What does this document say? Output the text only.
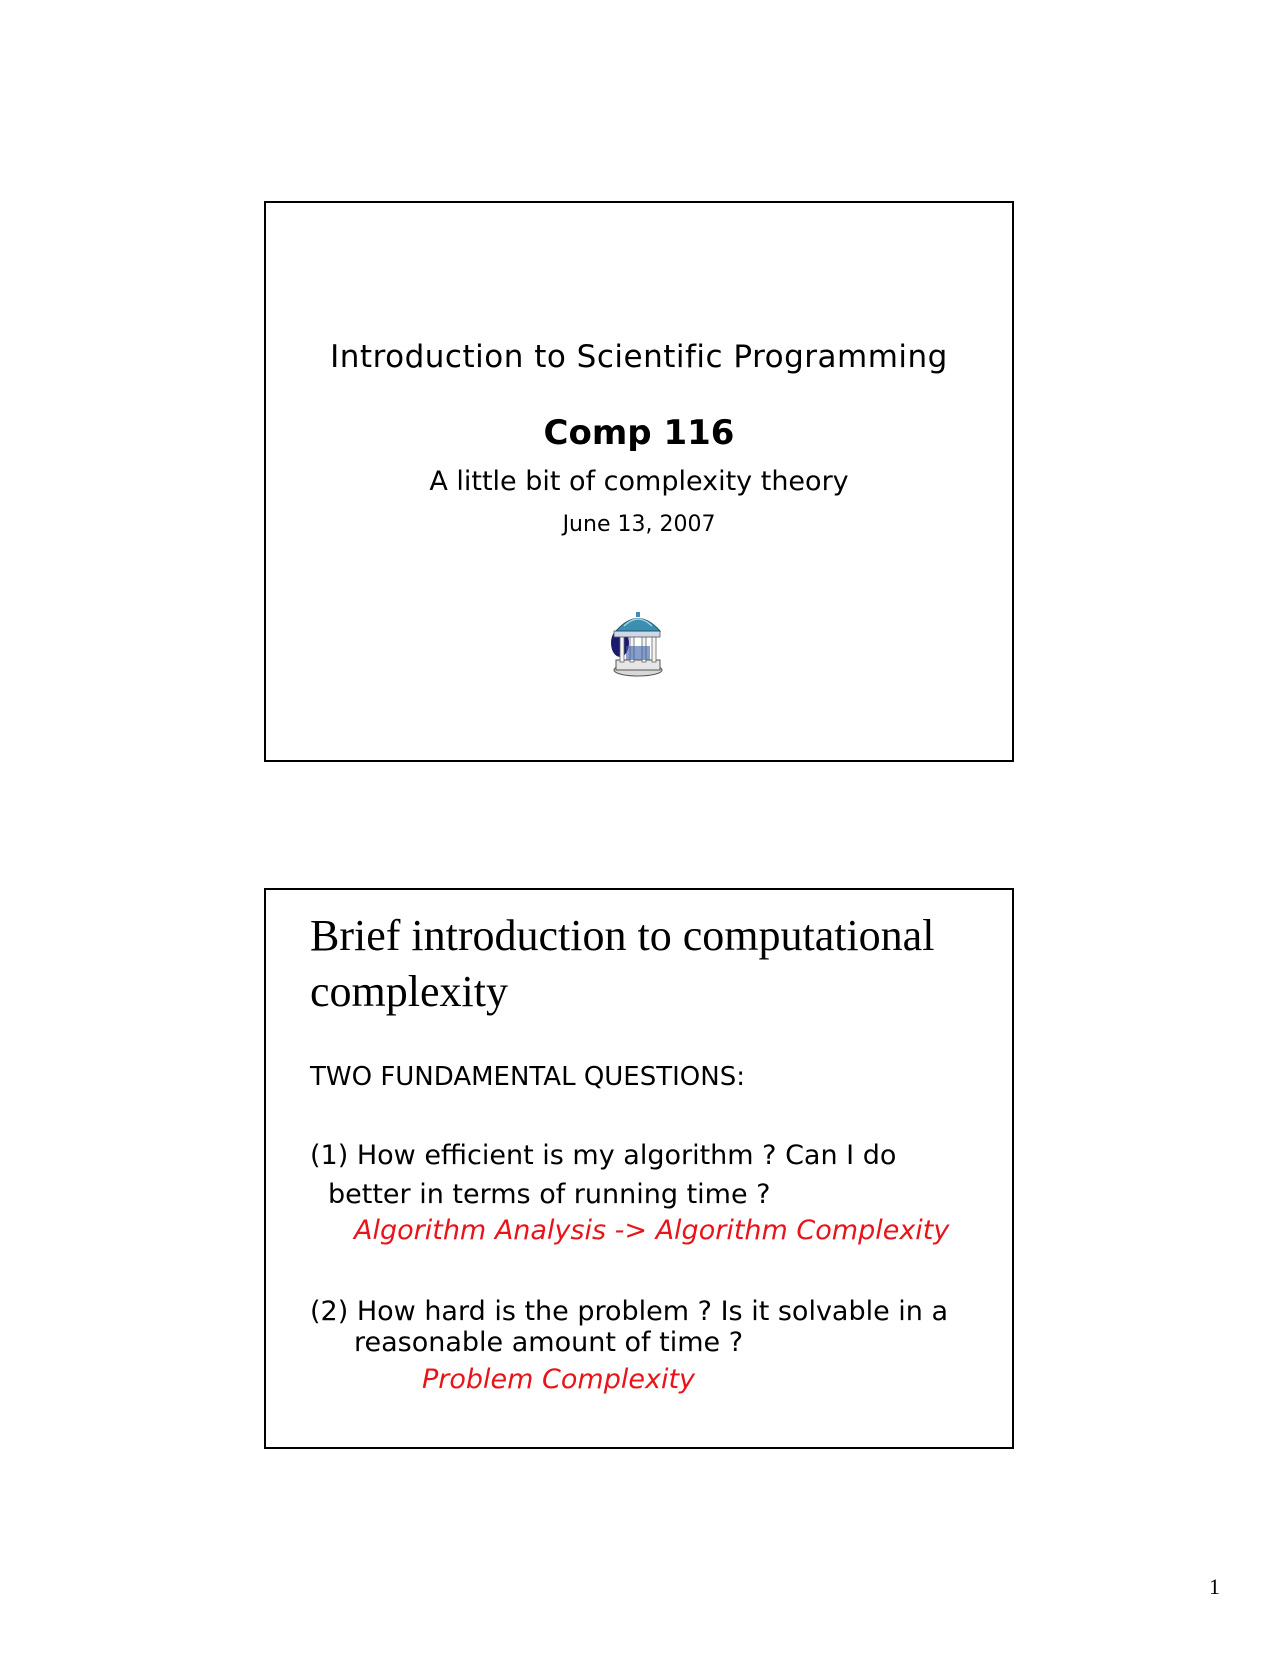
Introduction to Scientific Programming
Comp 116
A little bit of complexity theory
June 13, 2007
Brief introduction to computational complexity
TWO FUNDAMENTAL QUESTIONS:
(1) How efficient is my algorithm ? Can I do
better in terms of running time ?
Algorithm Analysis -> Algorithm Complexity
(2) How hard is the problem ? Is it solvable in a
reasonable amount of time ?
Problem Complexity
1
